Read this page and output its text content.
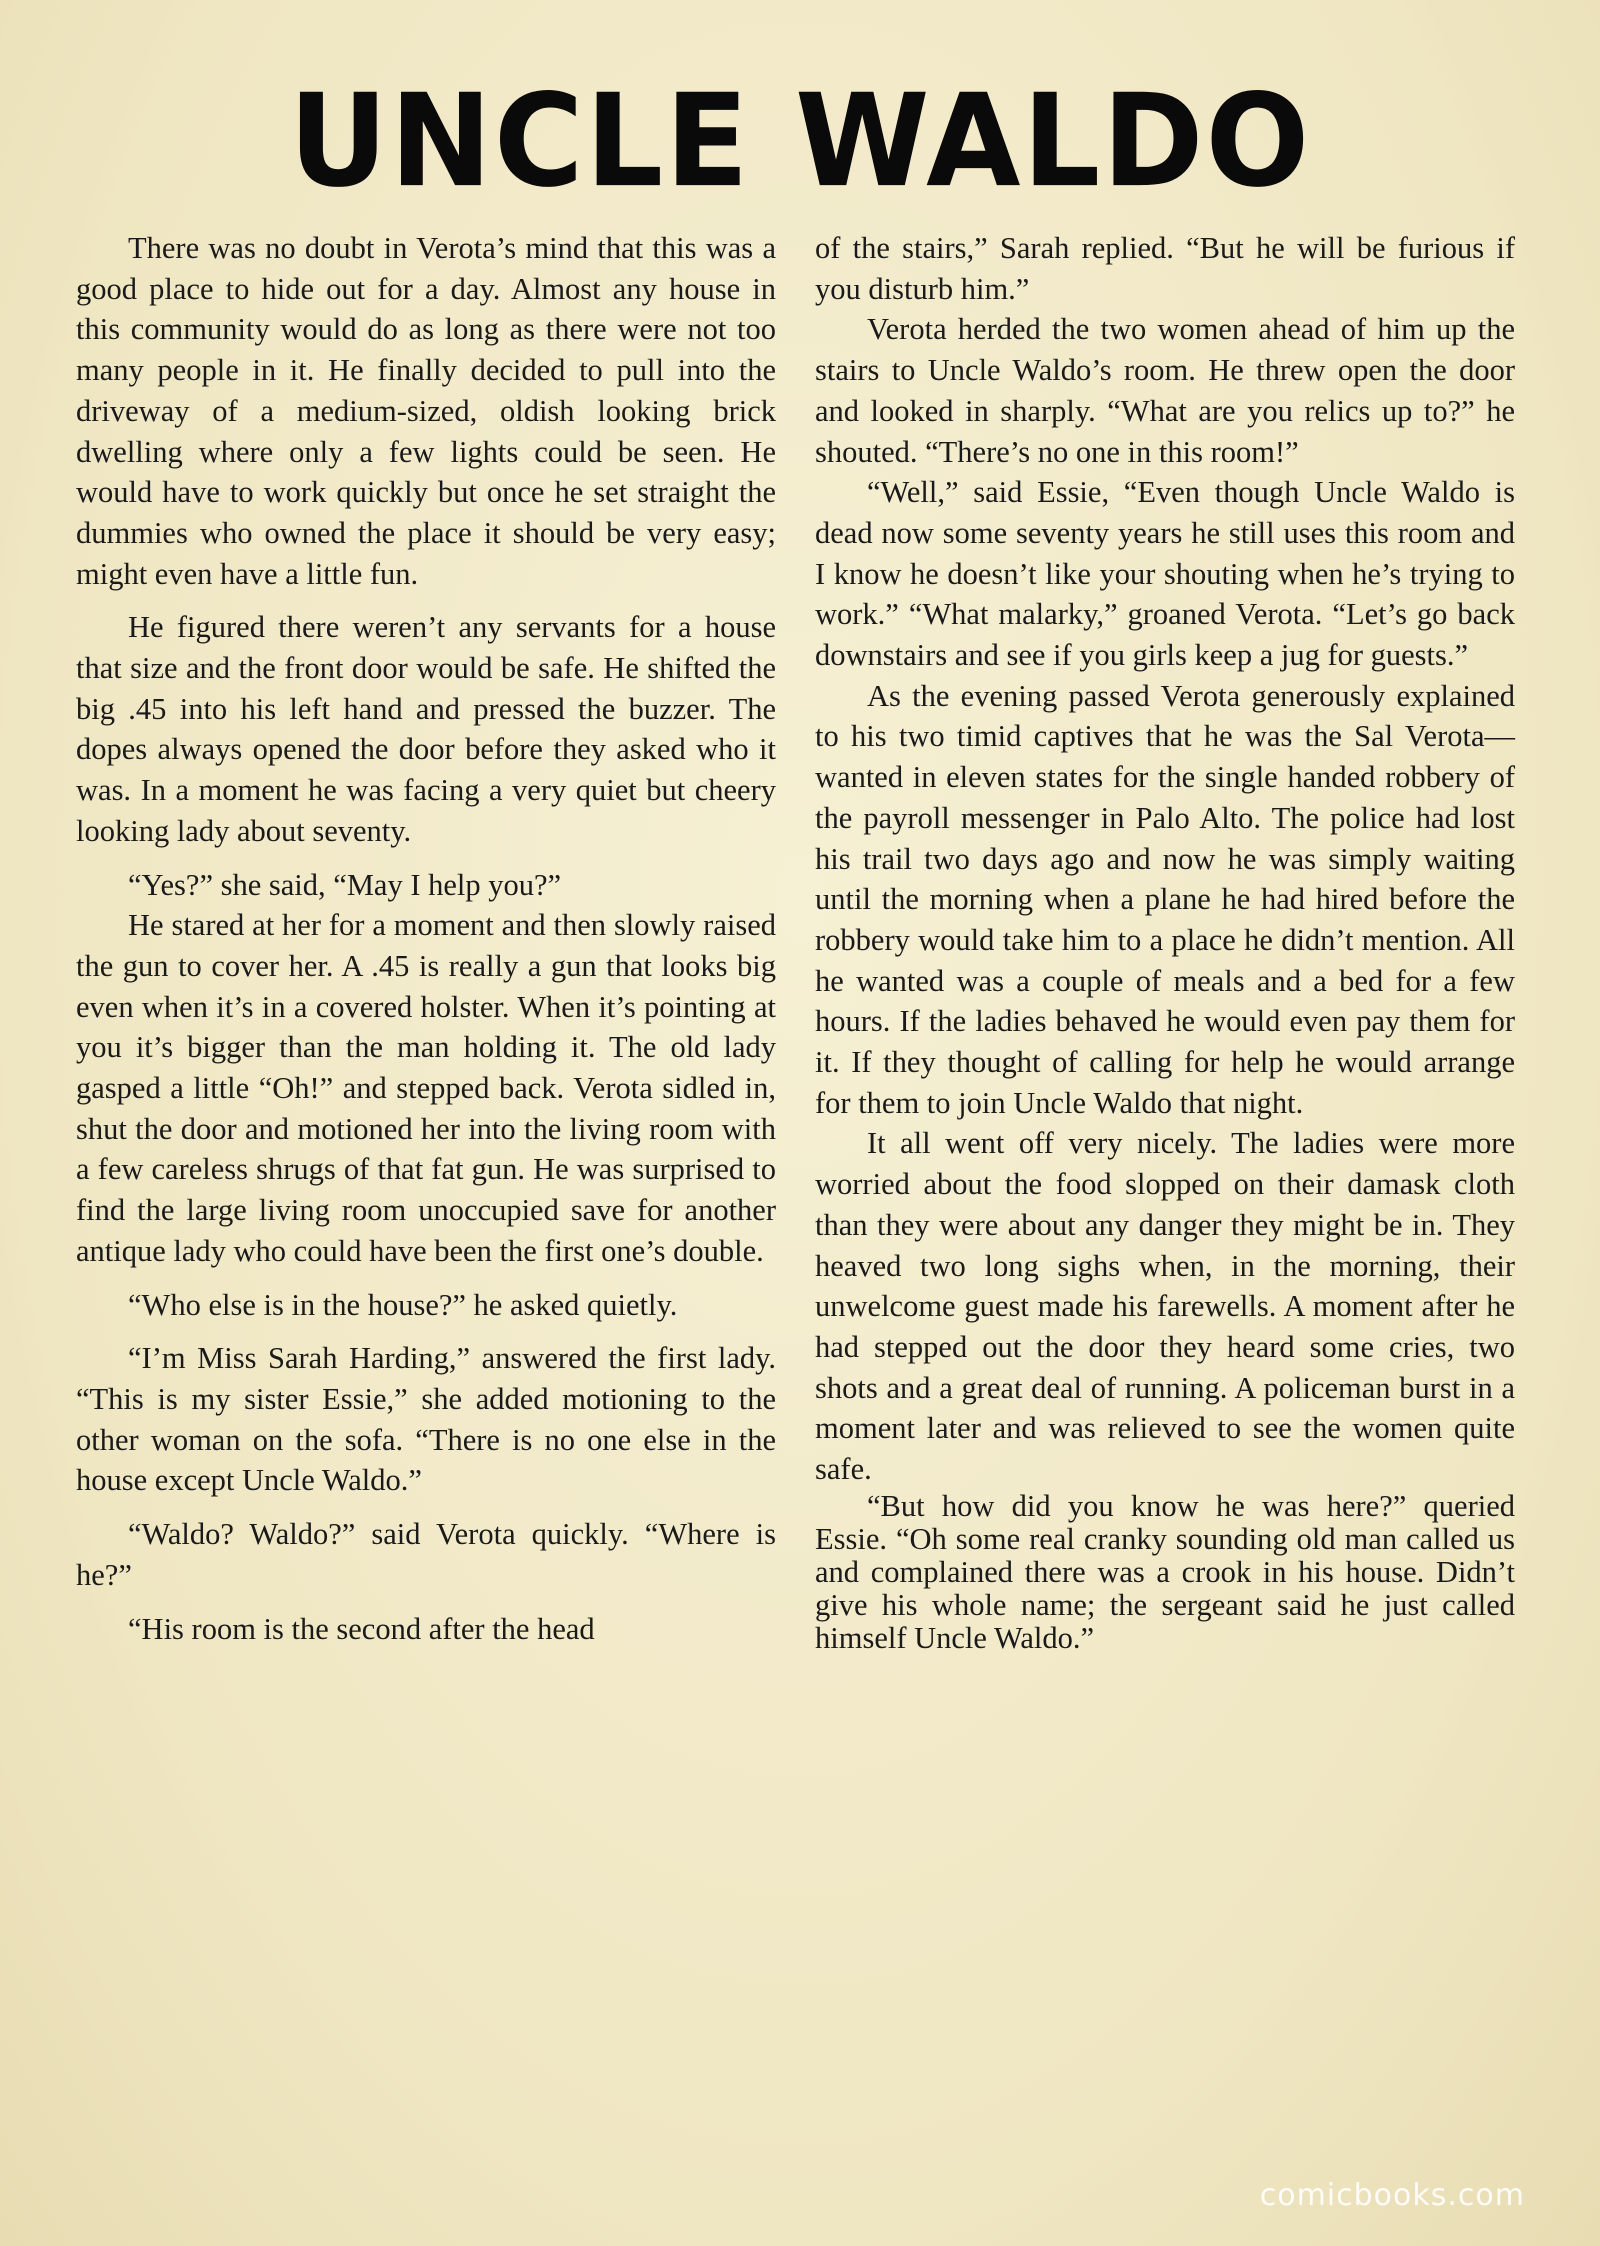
UNCLE WALDO

There was no doubt in Verota’s mind that this was a good place to hide out for a day. Almost any house in this community would do as long as there were not too many people in it. He finally decided to pull into the driveway of a medium-sized, oldish looking brick dwelling where only a few lights could be seen. He would have to work quickly but once he set straight the dummies who owned the place it should be very easy; might even have a little fun.

He figured there weren’t any servants for a house that size and the front door would be safe. He shifted the big .45 into his left hand and pressed the buzzer. The dopes always opened the door before they asked who it was. In a moment he was facing a very quiet but cheery looking lady about seventy.

“Yes?” she said, “May I help you?”

He stared at her for a moment and then slowly raised the gun to cover her. A .45 is really a gun that looks big even when it’s in a covered holster. When it’s pointing at you it’s bigger than the man holding it. The old lady gasped a little “Oh!” and stepped back. Verota sidled in, shut the door and motioned her into the living room with a few careless shrugs of that fat gun. He was surprised to find the large living room unoccupied save for another antique lady who could have been the first one’s double.

“Who else is in the house?” he asked quietly.

“I’m Miss Sarah Harding,” answered the first lady. “This is my sister Essie,” she added motioning to the other woman on the sofa. “There is no one else in the house except Uncle Waldo.”

“Waldo? Waldo?” said Verota quickly. “Where is he?”

“His room is the second after the head

of the stairs,” Sarah replied. “But he will be furious if you disturb him.”

Verota herded the two women ahead of him up the stairs to Uncle Waldo’s room. He threw open the door and looked in sharply. “What are you relics up to?” he shouted. “There’s no one in this room!”

“Well,” said Essie, “Even though Uncle Waldo is dead now some seventy years he still uses this room and I know he doesn’t like your shouting when he’s trying to work.” “What malarky,” groaned Verota. “Let’s go back downstairs and see if you girls keep a jug for guests.”

As the evening passed Verota generously explained to his two timid captives that he was the Sal Verota—wanted in eleven states for the single handed robbery of the payroll messenger in Palo Alto. The police had lost his trail two days ago and now he was simply waiting until the morning when a plane he had hired before the robbery would take him to a place he didn’t mention. All he wanted was a couple of meals and a bed for a few hours. If the ladies behaved he would even pay them for it. If they thought of calling for help he would arrange for them to join Uncle Waldo that night.

It all went off very nicely. The ladies were more worried about the food slopped on their damask cloth than they were about any danger they might be in. They heaved two long sighs when, in the morning, their unwelcome guest made his farewells. A moment after he had stepped out the door they heard some cries, two shots and a great deal of running. A policeman burst in a moment later and was relieved to see the women quite safe.

“But how did you know he was here?” queried Essie. “Oh some real cranky sounding old man called us and complained there was a crook in his house. Didn’t give his whole name; the sergeant said he just called himself Uncle Waldo.”

comicbooks.com
